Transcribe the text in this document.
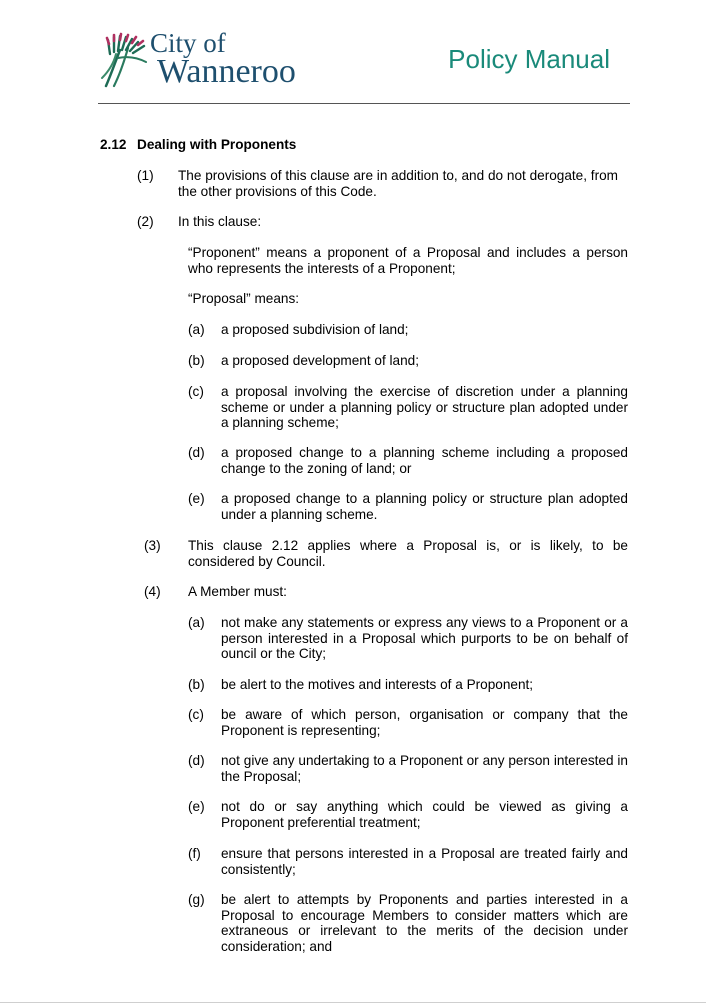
City of
Wanneroo	Policy Manual
2.12 Dealing with Proponents
(1) The provisions of this clause are in addition to, and do not derogate, from the other provisions of this Code.
(2) In this clause:
“Proponent” means a proponent of a Proposal and includes a person who represents the interests of a Proponent;
“Proposal” means:
(a) a proposed subdivision of land;
(b) a proposed development of land;
(c) a proposal involving the exercise of discretion under a planning scheme or under a planning policy or structure plan adopted under a planning scheme;
(d) a proposed change to a planning scheme including a proposed change to the zoning of land; or
(e) a proposed change to a planning policy or structure plan adopted under a planning scheme.
(3) This clause 2.12 applies where a Proposal is, or is likely, to be considered by Council.
(4) A Member must:
(a) not make any statements or express any views to a Proponent or a person interested in a Proposal which purports to be on behalf of ouncil or the City;
(b) be alert to the motives and interests of a Proponent;
(c) be aware of which person, organisation or company that the Proponent is representing;
(d) not give any undertaking to a Proponent or any person interested in the Proposal;
(e) not do or say anything which could be viewed as giving a Proponent preferential treatment;
(f) ensure that persons interested in a Proposal are treated fairly and consistently;
(g) be alert to attempts by Proponents and parties interested in a Proposal to encourage Members to consider matters which are extraneous or irrelevant to the merits of the decision under consideration; and
